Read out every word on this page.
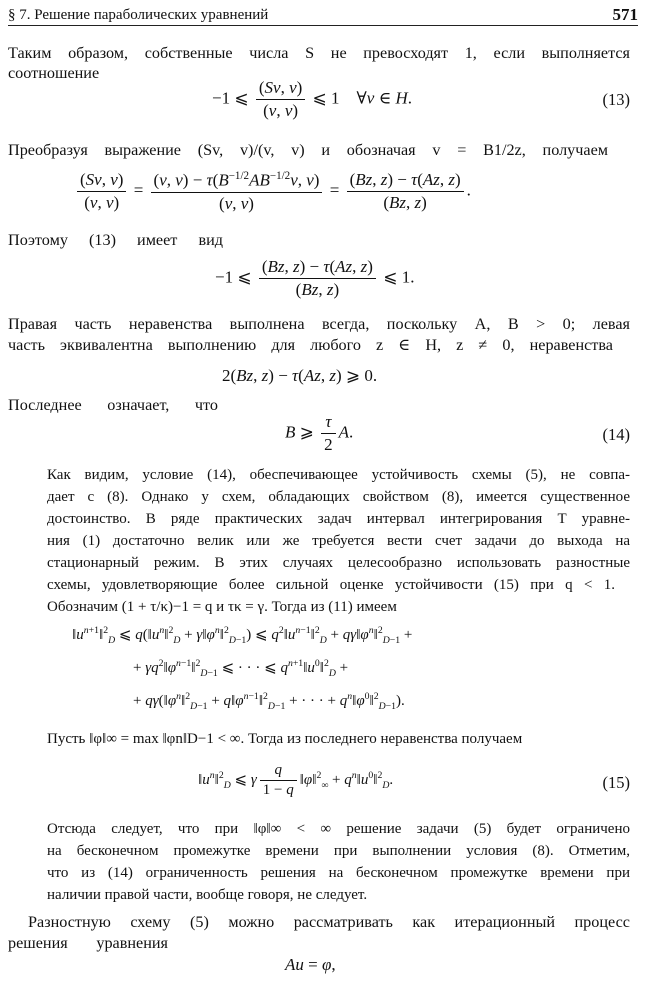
§ 7. Решение параболических уравнений	571
Таким образом, собственные числа S не превосходят 1, если выполняется
соотношение
−1 ⩽ $\frac{(Sv, v)}{(v, v)}$ ⩽ 1    ∀v ∈ H.	(13)
Преобразуя выражение (Sv, v)/(v, v) и обозначая v = B1/2z, получаем
$\frac{(Sv, v)}{(v, v)} = \frac{(v, v) - \tau(B^{-1/2}AB^{-1/2}v, v)}{(v, v)} = \frac{(Bz, z) - \tau(Az, z)}{(Bz, z)}$ .
Поэтому (13) имеет вид
−1 ⩽ $\frac{(Bz, z) - \tau(Az, z)}{(Bz, z)}$ ⩽ 1.
Правая часть неравенства выполнена всегда, поскольку A, B > 0; левая
часть эквивалентна выполнению для любого z ∈ H, z ≠ 0, неравенства
2(Bz, z) − τ(Az, z) ⩾ 0.
Последнее означает, что
B ⩾ $\frac{\tau}{2} A$.	(14)
Как видим, условие (14), обеспечивающее устойчивость схемы (5), не совпа-
дает с (8). Однако у схем, обладающих свойством (8), имеется существенное
достоинство. В ряде практических задач интервал интегрирования T уравне-
ния (1) достаточно велик или же требуется вести счет задачи до выхода на
стационарный режим. В этих случаях целесообразно использовать разностные
схемы, удовлетворяющие более сильной оценке устойчивости (15) при q < 1.
Обозначим (1 + τ/κ)−1 = q и τκ = γ. Тогда из (11) имеем
$‖u^{n+1}‖^2_D$ ⩽ $q(‖u^n‖^2_D$ + $\gamma‖\varphi^n‖^2_{D-1}$) ⩽ $q^2‖u^{n-1}‖^2_D$ + $q\gamma‖\varphi^n‖^2_{D-1}$ +
+ $\gamma q^2‖\varphi^{n-1}‖^2_{D-1}$ ⩽ · · · ⩽ $q^{n+1}‖u^0‖^2_D$ +
+ $q\gamma(‖\varphi^n‖^2_{D-1}$ + $q‖\varphi^{n-1}‖^2_{D-1}$ + · · · + $q^n‖\varphi^0‖^2_{D-1}$).
Пусть ‖φ‖∞ = max ‖φn‖D−1 < ∞. Тогда из последнего неравенства получаем
$‖u^n‖^2_D$ ⩽ γ $\frac{q}{1 - q}$ ‖φ‖$^2_\infty$ + $q^n‖u^0‖^2_D$.	(15)
Отсюда следует, что при ‖φ‖∞ < ∞ решение задачи (5) будет ограничено
на бесконечном промежутке времени при выполнении условия (8). Отметим,
что из (14) ограниченность решения на бесконечном промежутке времени при
наличии правой части, вообще говоря, не следует.
Разностную схему (5) можно рассматривать как итерационный процесс
решения уравнения
Au = φ,
